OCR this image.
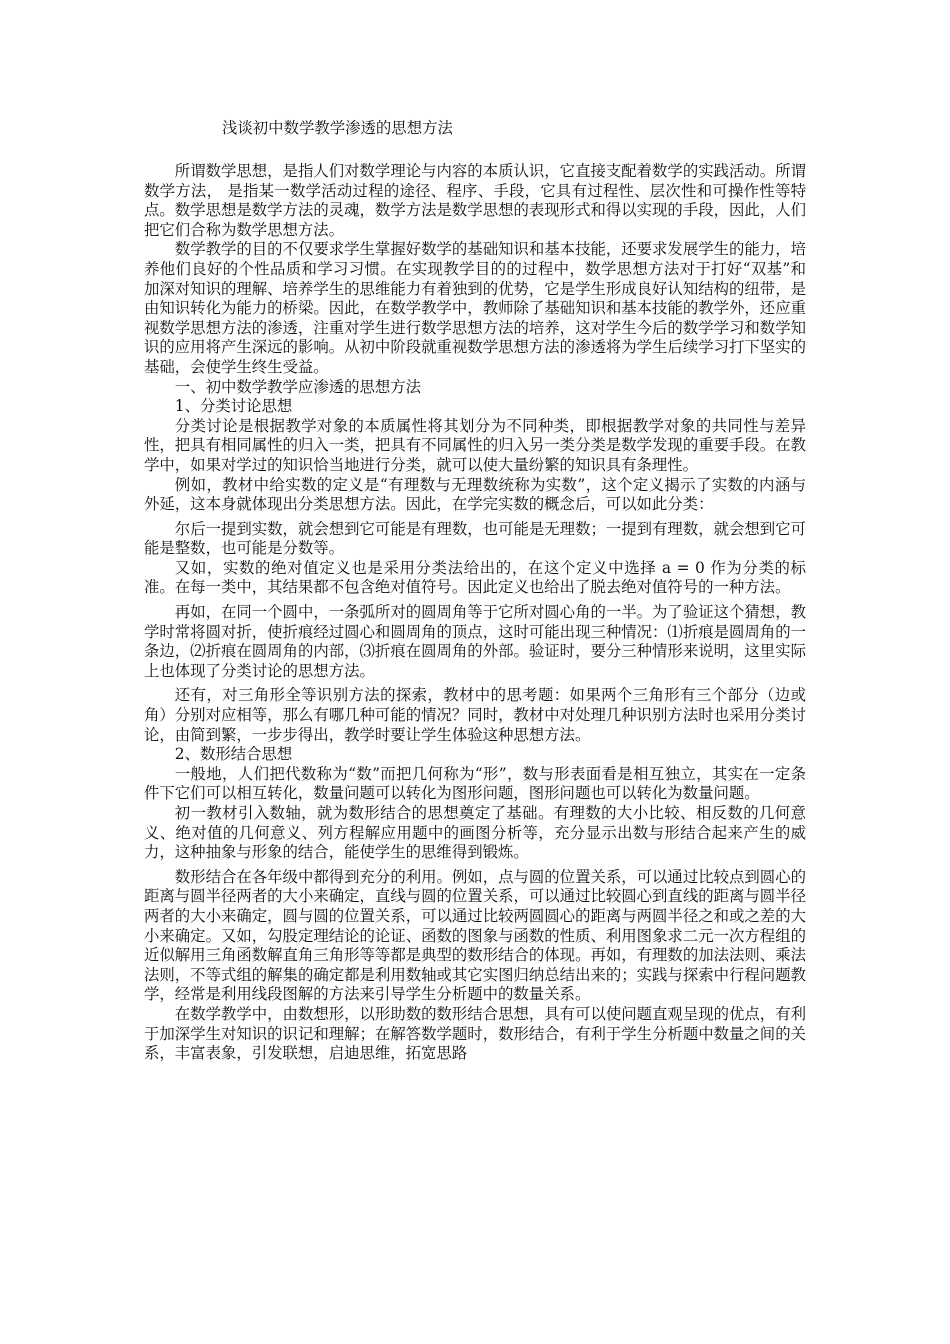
浅谈初中数学教学渗透的思想方法

所谓数学思想，是指人们对数学理论与内容的本质认识，它直接支配着数学的实践活动。所谓数学方法， 是指某一数学活动过程的途径、程序、手段，它具有过程性、层次性和可操作性等特点。数学思想是数学方法的灵魂，数学方法是数学思想的表现形式和得以实现的手段，因此，人们把它们合称为数学思想方法。

数学教学的目的不仅要求学生掌握好数学的基础知识和基本技能，还要求发展学生的能力，培养他们良好的个性品质和学习习惯。在实现教学目的的过程中，数学思想方法对于打好“双基”和加深对知识的理解、培养学生的思维能力有着独到的优势，它是学生形成良好认知结构的纽带，是由知识转化为能力的桥梁。因此，在数学教学中，教师除了基础知识和基本技能的教学外，还应重视数学思想方法的渗透，注重对学生进行数学思想方法的培养，这对学生今后的数学学习和数学知识的应用将产生深远的影响。从初中阶段就重视数学思想方法的渗透将为学生后续学习打下坚实的基础，会使学生终生受益。

一、初中数学教学应渗透的思想方法

1、分类讨论思想

分类讨论是根据教学对象的本质属性将其划分为不同种类，即根据教学对象的共同性与差异性，把具有相同属性的归入一类，把具有不同属性的归入另一类分类是数学发现的重要手段。在教学中，如果对学过的知识恰当地进行分类，就可以使大量纷繁的知识具有条理性。

例如，教材中给实数的定义是“有理数与无理数统称为实数”，这个定义揭示了实数的内涵与外延，这本身就体现出分类思想方法。因此，在学完实数的概念后，可以如此分类：

尔后一提到实数，就会想到它可能是有理数，也可能是无理数；一提到有理数，就会想到它可能是整数，也可能是分数等。

又如，实数的绝对值定义也是采用分类法给出的，在这个定义中选择 a = 0 作为分类的标准。在每一类中，其结果都不包含绝对值符号。因此定义也给出了脱去绝对值符号的一种方法。

再如，在同一个圆中，一条弧所对的圆周角等于它所对圆心角的一半。为了验证这个猜想，教学时常将圆对折，使折痕经过圆心和圆周角的顶点，这时可能出现三种情况：⑴折痕是圆周角的一条边，⑵折痕在圆周角的内部，⑶折痕在圆周角的外部。验证时，要分三种情形来说明，这里实际上也体现了分类讨论的思想方法。

还有，对三角形全等识别方法的探索，教材中的思考题：如果两个三角形有三个部分（边或角）分别对应相等，那么有哪几种可能的情况？同时，教材中对处理几种识别方法时也采用分类讨论，由简到繁，一步步得出，教学时要让学生体验这种思想方法。

2、数形结合思想

一般地，人们把代数称为“数”而把几何称为“形”，数与形表面看是相互独立，其实在一定条件下它们可以相互转化，数量问题可以转化为图形问题，图形问题也可以转化为数量问题。

初一教材引入数轴，就为数形结合的思想奠定了基础。有理数的大小比较、相反数的几何意义、绝对值的几何意义、列方程解应用题中的画图分析等，充分显示出数与形结合起来产生的威力，这种抽象与形象的结合，能使学生的思维得到锻炼。

数形结合在各年级中都得到充分的利用。例如，点与圆的位置关系，可以通过比较点到圆心的距离与圆半径两者的大小来确定，直线与圆的位置关系，可以通过比较圆心到直线的距离与圆半径两者的大小来确定，圆与圆的位置关系，可以通过比较两圆圆心的距离与两圆半径之和或之差的大小来确定。又如，勾股定理结论的论证、函数的图象与函数的性质、利用图象求二元一次方程组的近似解用三角函数解直角三角形等等都是典型的数形结合的体现。再如，有理数的加法法则、乘法法则，不等式组的解集的确定都是利用数轴或其它实图归纳总结出来的；实践与探索中行程问题教学，经常是利用线段图解的方法来引导学生分析题中的数量关系。

在数学教学中，由数想形，以形助数的数形结合思想，具有可以使问题直观呈现的优点，有利于加深学生对知识的识记和理解；在解答数学题时，数形结合，有利于学生分析题中数量之间的关系，丰富表象，引发联想，启迪思维，拓宽思路
